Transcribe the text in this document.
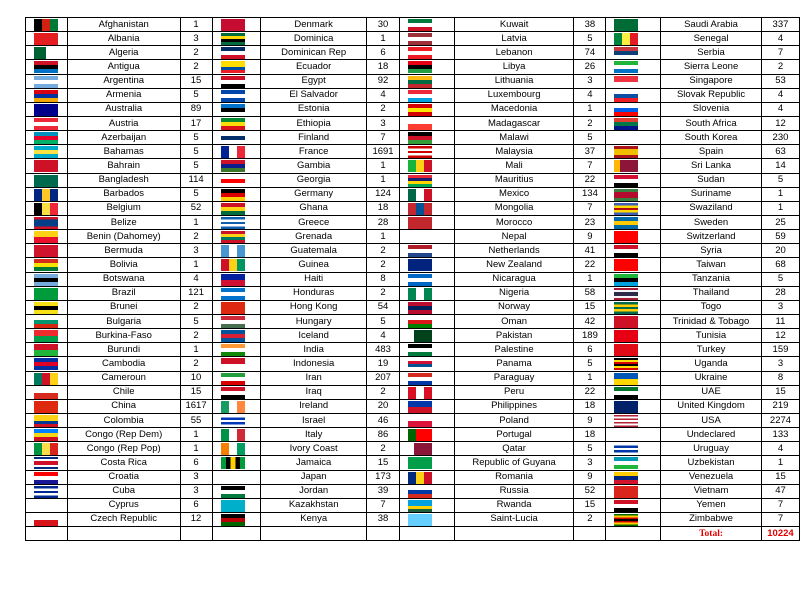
	Afghanistan	1		Denmark	30		Kuwait	38		Saudi Arabia	337

	Albania	3		Dominica	1		Latvia	5		Senegal	4

	Algeria	2		Dominican Rep	6		Lebanon	74		Serbia	7

	Antigua	2		Ecuador	18		Libya	26		Sierra Leone	2

	Argentina	15		Egypt	92		Lithuania	3		Singapore	53

	Armenia	5		El Salvador	4		Luxembourg	4		Slovak Republic	4

	Australia	89		Estonia	2		Macedonia	1		Slovenia	4

	Austria	17		Ethiopia	3		Madagascar	2		South Africa	12

	Azerbaijan	5		Finland	7		Malawi	5		South Korea	230

	Bahamas	5		France	1691		Malaysia	37		Spain	63

	Bahrain	5		Gambia	1		Mali	7		Sri Lanka	14

	Bangladesh	114		Georgia	1		Mauritius	22		Sudan	5

	Barbados	5		Germany	124		Mexico	134		Suriname	1

	Belgium	52		Ghana	18		Mongolia	7		Swaziland	1

	Belize	1		Greece	28		Morocco	23		Sweden	25

	Benin (Dahomey)	2		Grenada	1		Nepal	9		Switzerland	59

	Bermuda	3		Guatemala	2		Netherlands	41		Syria	20

	Bolivia	1		Guinea	2		New Zealand	22		Taiwan	68

	Botswana	4		Haiti	8		Nicaragua	1		Tanzania	5

	Brazil	121		Honduras	2		Nigeria	58		Thailand	28

	Brunei	2		Hong Kong	54		Norway	15		Togo	3

	Bulgaria	5		Hungary	5		Oman	42		Trinidad & Tobago	11

	Burkina-Faso	2		Iceland	4		Pakistan	189		Tunisia	12

	Burundi	1		India	483		Palestine	6		Turkey	159

	Cambodia	2		Indonesia	19		Panama	5		Uganda	3

	Cameroun	10		Iran	207		Paraguay	1		Ukraine	8

	Chile	15		Iraq	2		Peru	22		UAE	15

	China	1617		Ireland	20		Philippines	18		United Kingdom	219

	Colombia	55		Israel	46		Poland	9		USA	2274

	Congo (Rep Dem)	1		Italy	86		Portugal	18		Undeclared	133

	Congo (Rep Pop)	1		Ivory Coast	2		Qatar	5		Uruguay	4

	Costa Rica	6		Jamaica	15		Republic of Guyana	3		Uzbekistan	1

	Croatia	3		Japan	173		Romania	9		Venezuela	15

	Cuba	3		Jordan	39		Russia	52		Vietnam	47

	Cyprus	6		Kazakhstan	7		Rwanda	15		Yemen	7

	Czech Republic	12		Kenya	38		Saint-Lucia	2		Zimbabwe	7
										Total:	10224
